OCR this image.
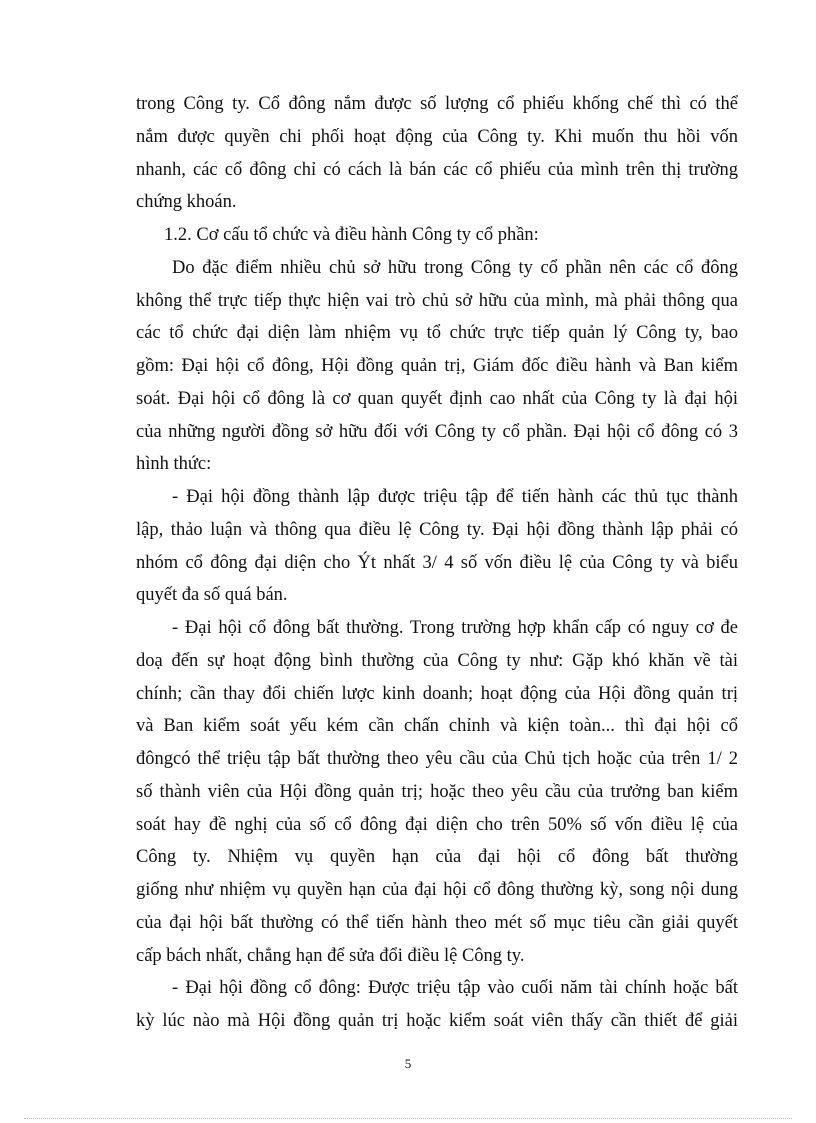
trong Công ty. Cổ đông nắm được số lượng cổ phiếu khống chế thì có thể
nắm được quyền chi phối hoạt động của Công ty. Khi muốn thu hồi vốn
nhanh, các cổ đông chỉ có cách là bán các cổ phiếu của mình trên thị trường
chứng khoán.
1.2. Cơ cấu tổ chức và điều hành Công ty cổ phần:
Do đặc điểm nhiều chủ sở hữu trong Công ty cổ phần nên các cổ đông
không thể trực tiếp thực hiện vai trò chủ sở hữu của mình, mà phải thông qua
các tổ chức đại diện làm nhiệm vụ tổ chức trực tiếp quản lý Công ty, bao
gồm: Đại hội cổ đông, Hội đồng quản trị, Giám đốc điều hành và Ban kiểm
soát. Đại hội cổ đông là cơ quan quyết định cao nhất của Công ty là đại hội
của những người đồng sở hữu đối với Công ty cổ phần. Đại hội cổ đông có 3
hình thức:
- Đại hội đồng thành lập được triệu tập để tiến hành các thủ tục thành
lập, thảo luận và thông qua điều lệ Công ty. Đại hội đồng thành lập phải có
nhóm cổ đông đại diện cho Ýt nhất 3/ 4 số vốn điều lệ của Công ty và biểu
quyết đa số quá bán.
- Đại hội cổ đông bất thường. Trong trường hợp khẩn cấp có nguy cơ đe
doạ đến sự hoạt động bình thường của Công ty như: Gặp khó khăn về tài
chính; cần thay đổi chiến lược kinh doanh; hoạt động của Hội đồng quản trị
và Ban kiểm soát yếu kém cần chấn chỉnh và kiện toàn... thì đại hội cổ
đôngcó thể triệu tập bất thường theo yêu cầu của Chủ tịch hoặc của trên 1/ 2
số thành viên của Hội đồng quản trị; hoặc theo yêu cầu của trưởng ban kiểm
soát hay đề nghị của số cổ đông đại diện cho trên 50% số vốn điều lệ của
Công ty. Nhiệm vụ quyền hạn của đại hội cổ đông bất thường
giống như nhiệm vụ quyền hạn của đại hội cổ đông thường kỳ, song nội dung
của đại hội bất thường có thể tiến hành theo mét số mục tiêu cần giải quyết
cấp bách nhất, chẳng hạn để sửa đổi điều lệ Công ty.
- Đại hội đồng cổ đông: Được triệu tập vào cuối năm tài chính hoặc bất
kỳ lúc nào mà Hội đồng quản trị hoặc kiểm soát viên thấy cần thiết để giải
5
